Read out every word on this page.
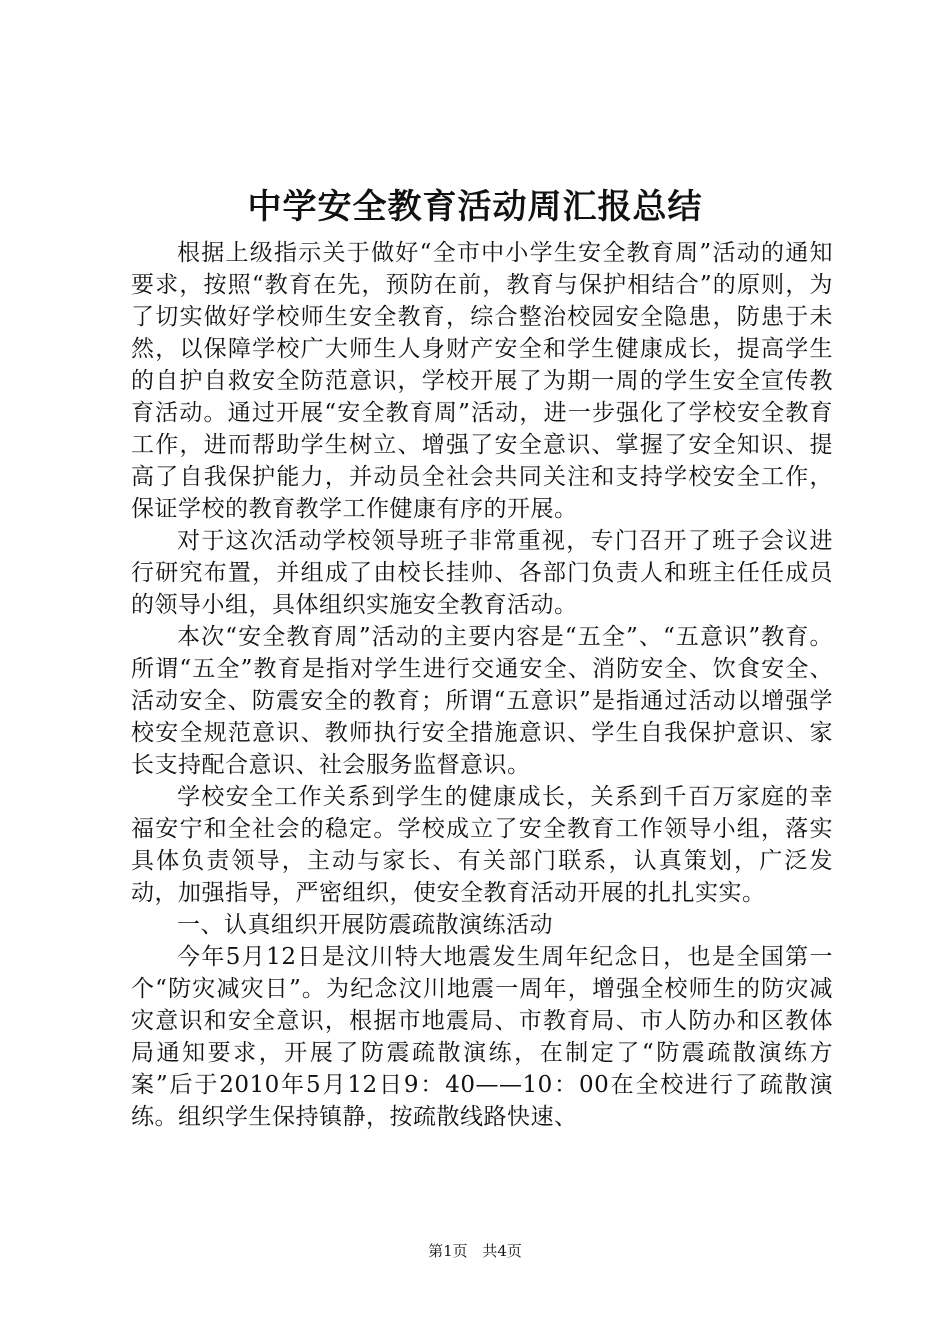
中学安全教育活动周汇报总结

根据上级指示关于做好“全市中小学生安全教育周”活动的通知要求，按照“教育在先，预防在前，教育与保护相结合”的原则，为了切实做好学校师生安全教育，综合整治校园安全隐患，防患于未然，以保障学校广大师生人身财产安全和学生健康成长，提高学生的自护自救安全防范意识，学校开展了为期一周的学生安全宣传教育活动。通过开展“安全教育周”活动，进一步强化了学校安全教育工作，进而帮助学生树立、增强了安全意识、掌握了安全知识、提高了自我保护能力，并动员全社会共同关注和支持学校安全工作，保证学校的教育教学工作健康有序的开展。

对于这次活动学校领导班子非常重视，专门召开了班子会议进行研究布置，并组成了由校长挂帅、各部门负责人和班主任任成员的领导小组，具体组织实施安全教育活动。

本次“安全教育周”活动的主要内容是“五全”、“五意识”教育。所谓“五全”教育是指对学生进行交通安全、消防安全、饮食安全、活动安全、防震安全的教育；所谓“五意识”是指通过活动以增强学校安全规范意识、教师执行安全措施意识、学生自我保护意识、家长支持配合意识、社会服务监督意识。

学校安全工作关系到学生的健康成长，关系到千百万家庭的幸福安宁和全社会的稳定。学校成立了安全教育工作领导小组，落实具体负责领导，主动与家长、有关部门联系，认真策划，广泛发动，加强指导，严密组织，使安全教育活动开展的扎扎实实。

一、认真组织开展防震疏散演练活动

今年5月12日是汶川特大地震发生周年纪念日，也是全国第一个“防灾减灾日”。为纪念汶川地震一周年，增强全校师生的防灾减灾意识和安全意识，根据市地震局、市教育局、市人防办和区教体局通知要求，开展了防震疏散演练，在制定了“防震疏散演练方案”后于2010年5月12日9：40——10：00在全校进行了疏散演练。组织学生保持镇静，按疏散线路快速、

第1页 共4页
